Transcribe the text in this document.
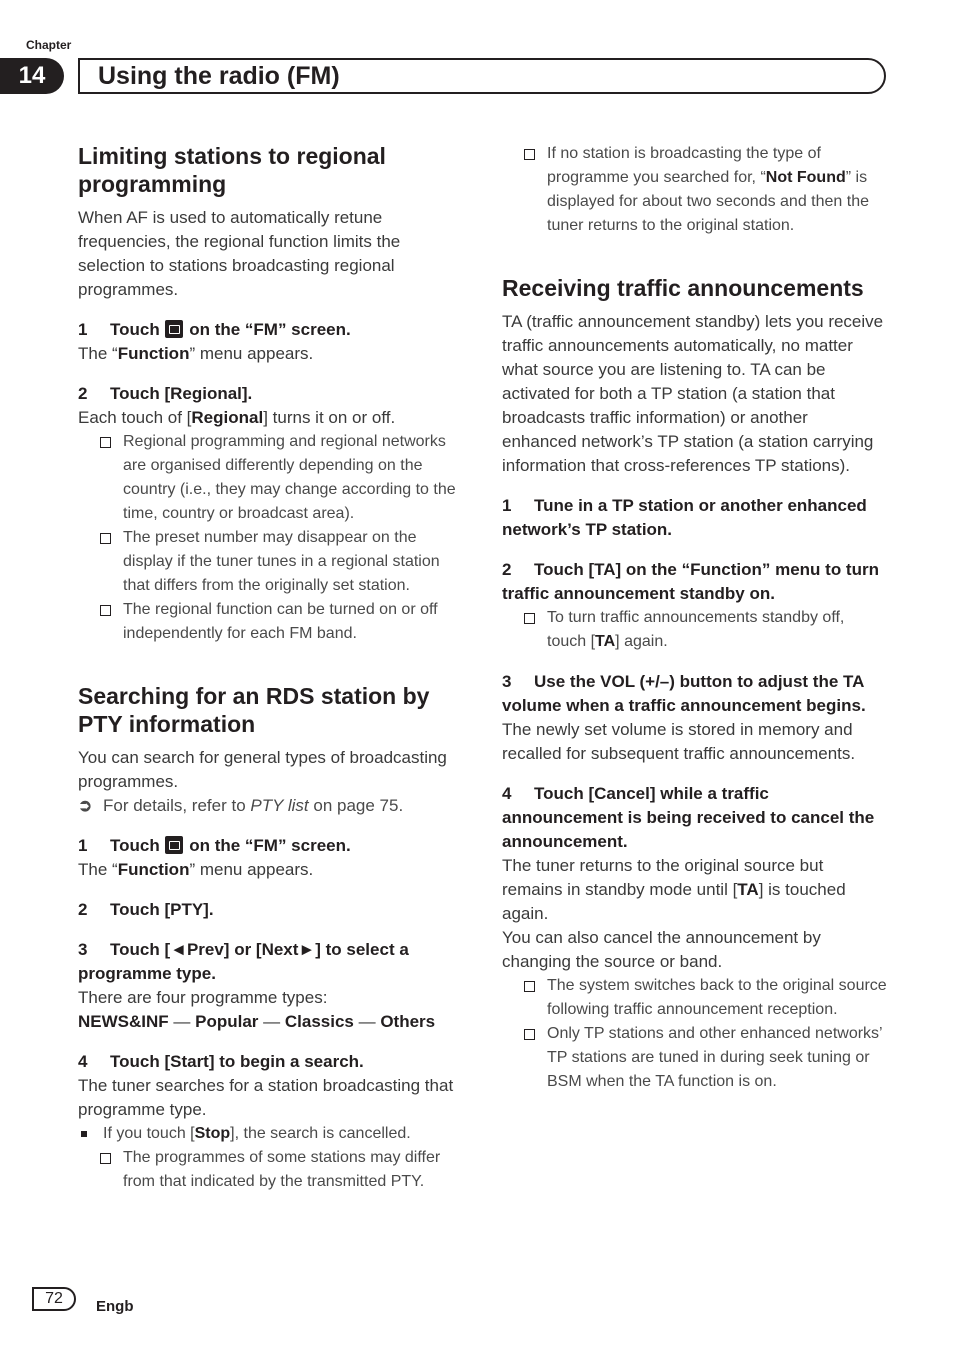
Chapter
14	Using the radio (FM)
Limiting stations to regional programming

When AF is used to automatically retune frequencies, the regional function limits the selection to stations broadcasting regional programmes.

1 Touch on the “FM” screen.

The “Function” menu appears.

2 Touch [Regional].

Each touch of [Regional] turns it on or off.

Regional programming and regional networks are organised differently depending on the country (i.e., they may change according to the time, country or broadcast area).

The preset number may disappear on the display if the tuner tunes in a regional station that differs from the originally set station.

The regional function can be turned on or off independently for each FM band.

Searching for an RDS station by PTY information

You can search for general types of broadcasting programmes.

➲ For details, refer to PTY list on page 75.

1 Touch on the “FM” screen.

The “Function” menu appears.

2 Touch [PTY].
3 Touch [◄Prev] or [Next►] to select a programme type.

There are four programme types:

NEWS&INF — Popular — Classics — Others

4 Touch [Start] to begin a search.

The tuner searches for a station broadcasting that programme type.

If you touch [Stop], the search is cancelled.

The programmes of some stations may differ from that indicated by the transmitted PTY.

If no station is broadcasting the type of programme you searched for, “Not Found” is displayed for about two seconds and then the tuner returns to the original station.

Receiving traffic announcements

TA (traffic announcement standby) lets you receive traffic announcements automatically, no matter what source you are listening to. TA can be activated for both a TP station (a station that broadcasts traffic information) or another enhanced network’s TP station (a station carrying information that cross-references TP stations).

1 Tune in a TP station or another enhanced network’s TP station.
2 Touch [TA] on the “Function” menu to turn traffic announcement standby on.

To turn traffic announcements standby off, touch [TA] again.

3 Use the VOL (+/–) button to adjust the TA volume when a traffic announcement begins.

The newly set volume is stored in memory and recalled for subsequent traffic announcements.

4 Touch [Cancel] while a traffic announcement is being received to cancel the announcement.

The tuner returns to the original source but remains in standby mode until [TA] is touched again.

You can also cancel the announcement by changing the source or band.

The system switches back to the original source following traffic announcement reception.

Only TP stations and other enhanced networks’ TP stations are tuned in during seek tuning or BSM when the TA function is on.

72	Engb
